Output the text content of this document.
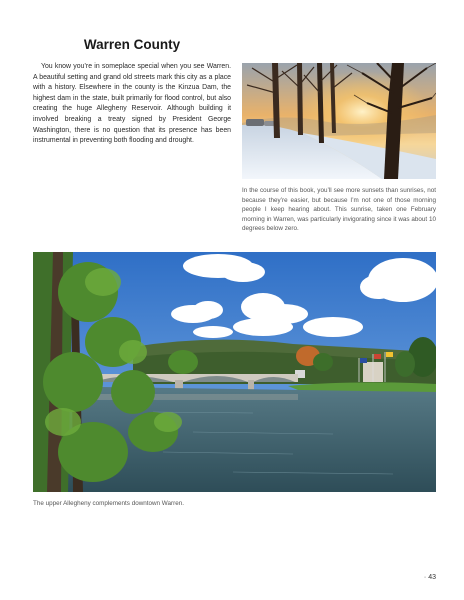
Warren County

You know you’re in someplace special when you see Warren. A beautiful setting and grand old streets mark this city as a place with a history. Elsewhere in the county is the Kinzua Dam, the highest dam in the state, built primarily for flood control, but also creating the huge Allegheny Reservoir. Although building it involved breaking a treaty signed by President George Washington, there is no question that its presence has been instrumental in preventing both flooding and drought.

In the course of this book, you’ll see more sunsets than sunrises, not because they’re easier, but because I’m not one of those morning people I keep hearing about. This sunrise, taken one February morning in Warren, was particularly invigorating since it was about 10 degrees below zero.

The upper Allegheny complements downtown Warren.

· 43
